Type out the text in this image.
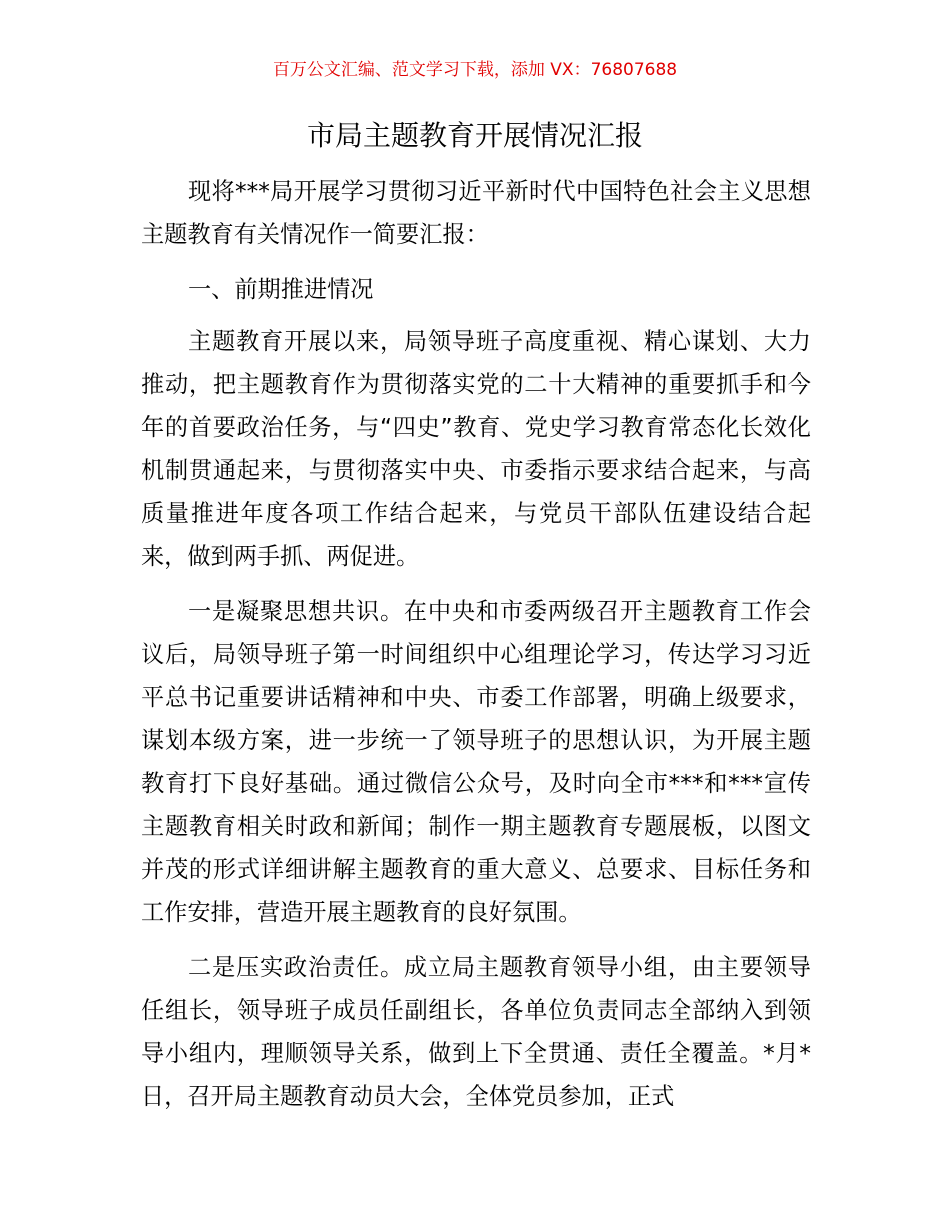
百万公文汇编、范文学习下载，添加 VX：76807688
市局主题教育开展情况汇报

现将***局开展学习贯彻习近平新时代中国特色社会主义思想主题教育有关情况作一简要汇报：

一、前期推进情况

主题教育开展以来，局领导班子高度重视、精心谋划、大力推动，把主题教育作为贯彻落实党的二十大精神的重要抓手和今年的首要政治任务，与“四史”教育、党史学习教育常态化长效化机制贯通起来，与贯彻落实中央、市委指示要求结合起来，与高质量推进年度各项工作结合起来，与党员干部队伍建设结合起来，做到两手抓、两促进。

一是凝聚思想共识。在中央和市委两级召开主题教育工作会议后，局领导班子第一时间组织中心组理论学习，传达学习习近平总书记重要讲话精神和中央、市委工作部署，明确上级要求，谋划本级方案，进一步统一了领导班子的思想认识，为开展主题教育打下良好基础。通过微信公众号，及时向全市***和***宣传主题教育相关时政和新闻；制作一期主题教育专题展板，以图文并茂的形式详细讲解主题教育的重大意义、总要求、目标任务和工作安排，营造开展主题教育的良好氛围。

二是压实政治责任。成立局主题教育领导小组，由主要领导任组长，领导班子成员任副组长，各单位负责同志全部纳入到领导小组内，理顺领导关系，做到上下全贯通、责任全覆盖。*月*日，召开局主题教育动员大会，全体党员参加，正式
